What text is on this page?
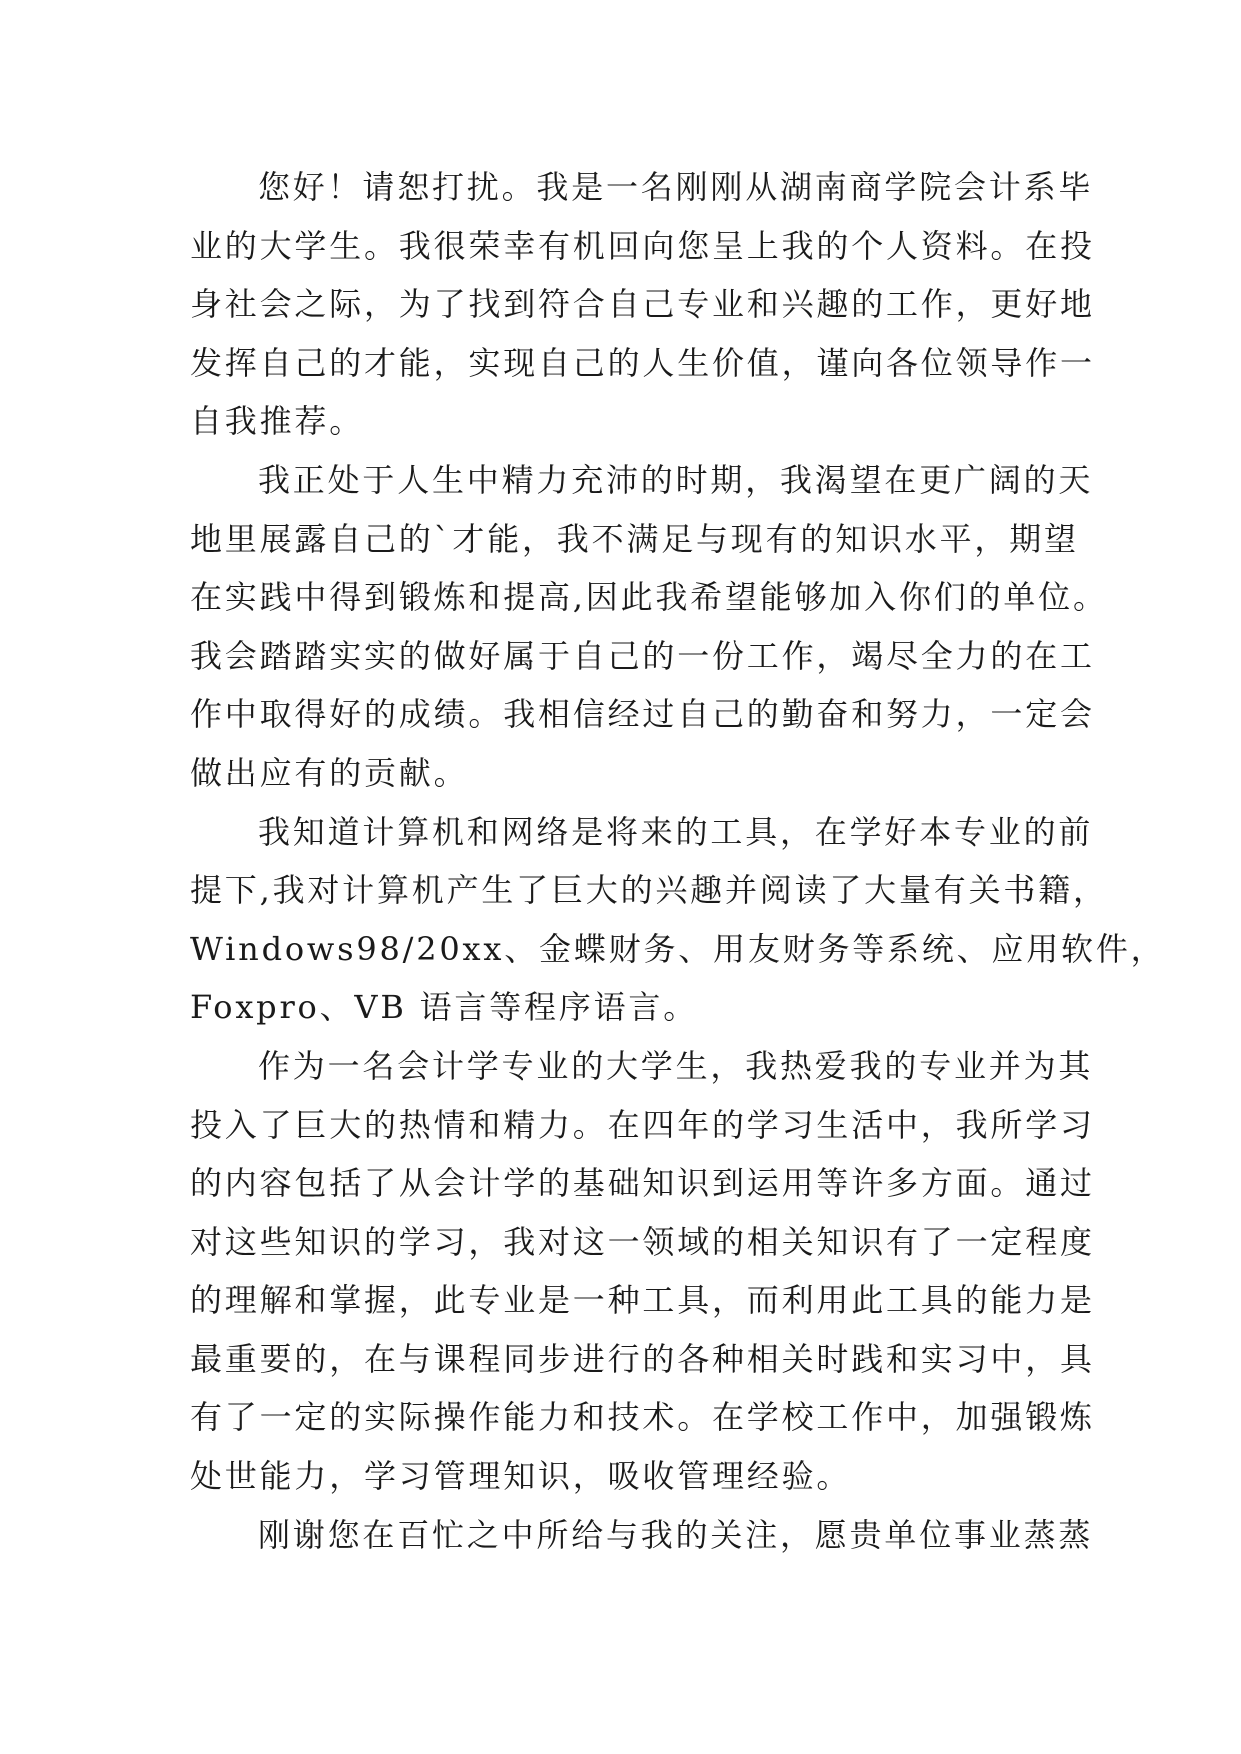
您好！请恕打扰。我是一名刚刚从湖南商学院会计系毕
业的大学生。我很荣幸有机回向您呈上我的个人资料。在投
身社会之际，为了找到符合自己专业和兴趣的工作，更好地
发挥自己的才能，实现自己的人生价值，谨向各位领导作一
自我推荐。
我正处于人生中精力充沛的时期，我渴望在更广阔的天
地里展露自己的`才能，我不满足与现有的知识水平，期望
在实践中得到锻炼和提高,因此我希望能够加入你们的单位。
我会踏踏实实的做好属于自己的一份工作，竭尽全力的在工
作中取得好的成绩。我相信经过自己的勤奋和努力，一定会
做出应有的贡献。
我知道计算机和网络是将来的工具，在学好本专业的前
提下,我对计算机产生了巨大的兴趣并阅读了大量有关书籍，
Windows98/20xx、金蝶财务、用友财务等系统、应用软件，
Foxpro、VB 语言等程序语言。
作为一名会计学专业的大学生，我热爱我的专业并为其
投入了巨大的热情和精力。在四年的学习生活中，我所学习
的内容包括了从会计学的基础知识到运用等许多方面。通过
对这些知识的学习，我对这一领域的相关知识有了一定程度
的理解和掌握，此专业是一种工具，而利用此工具的能力是
最重要的，在与课程同步进行的各种相关时践和实习中，具
有了一定的实际操作能力和技术。在学校工作中，加强锻炼
处世能力，学习管理知识，吸收管理经验。
刚谢您在百忙之中所给与我的关注，愿贵单位事业蒸蒸
